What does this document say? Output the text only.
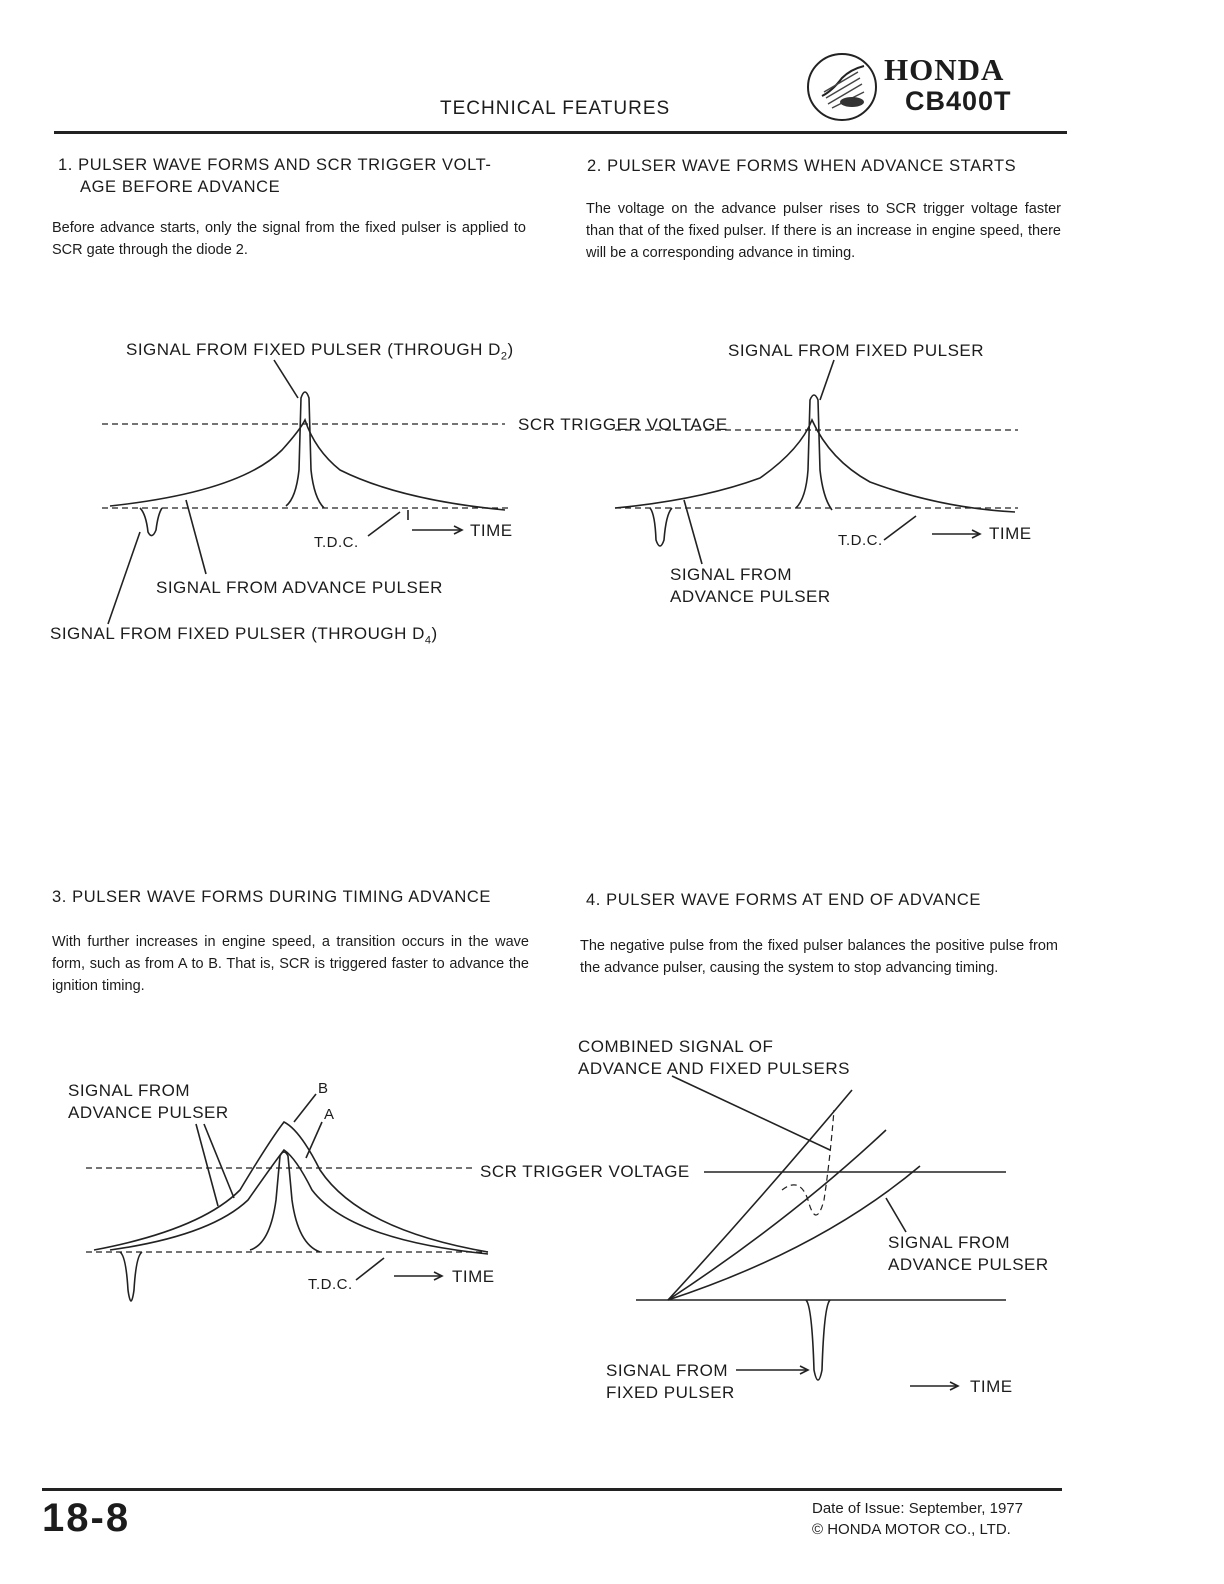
TECHNICAL FEATURES
HONDA
CB400T
1. PULSER WAVE FORMS AND SCR TRIGGER VOLT-
AGE BEFORE ADVANCE
Before advance starts, only the signal from the fixed pulser is applied to SCR gate through the diode 2.
2. PULSER WAVE FORMS WHEN ADVANCE STARTS
The voltage on the advance pulser rises to SCR trigger voltage faster than that of the fixed pulser. If there is an increase in engine speed, there will be a corresponding advance in timing.
3. PULSER WAVE FORMS DURING TIMING ADVANCE
With further increases in engine speed, a transition occurs in the wave form, such as from A to B. That is, SCR is triggered faster to advance the ignition timing.
4. PULSER WAVE FORMS AT END OF ADVANCE
The negative pulse from the fixed pulser balances the positive pulse from the advance pulser, causing the system to stop advancing timing.
SIGNAL FROM FIXED PULSER (THROUGH $D_2$)
SCR TRIGGER VOLTAGE
T.D.C.
TIME
SIGNAL FROM ADVANCE PULSER
SIGNAL FROM FIXED PULSER (THROUGH $D_4$)
SIGNAL FROM FIXED PULSER
T.D.C.	TIME
SIGNAL FROM
ADVANCE PULSER
SIGNAL FROM
ADVANCE PULSER
B
A
SCR TRIGGER VOLTAGE
T.D.C.	TIME
COMBINED SIGNAL OF
ADVANCE AND FIXED PULSERS
SIGNAL FROM
ADVANCE PULSER
SIGNAL FROM
FIXED PULSER	TIME
18-8	Date of Issue: September, 1977
© HONDA MOTOR CO., LTD.
